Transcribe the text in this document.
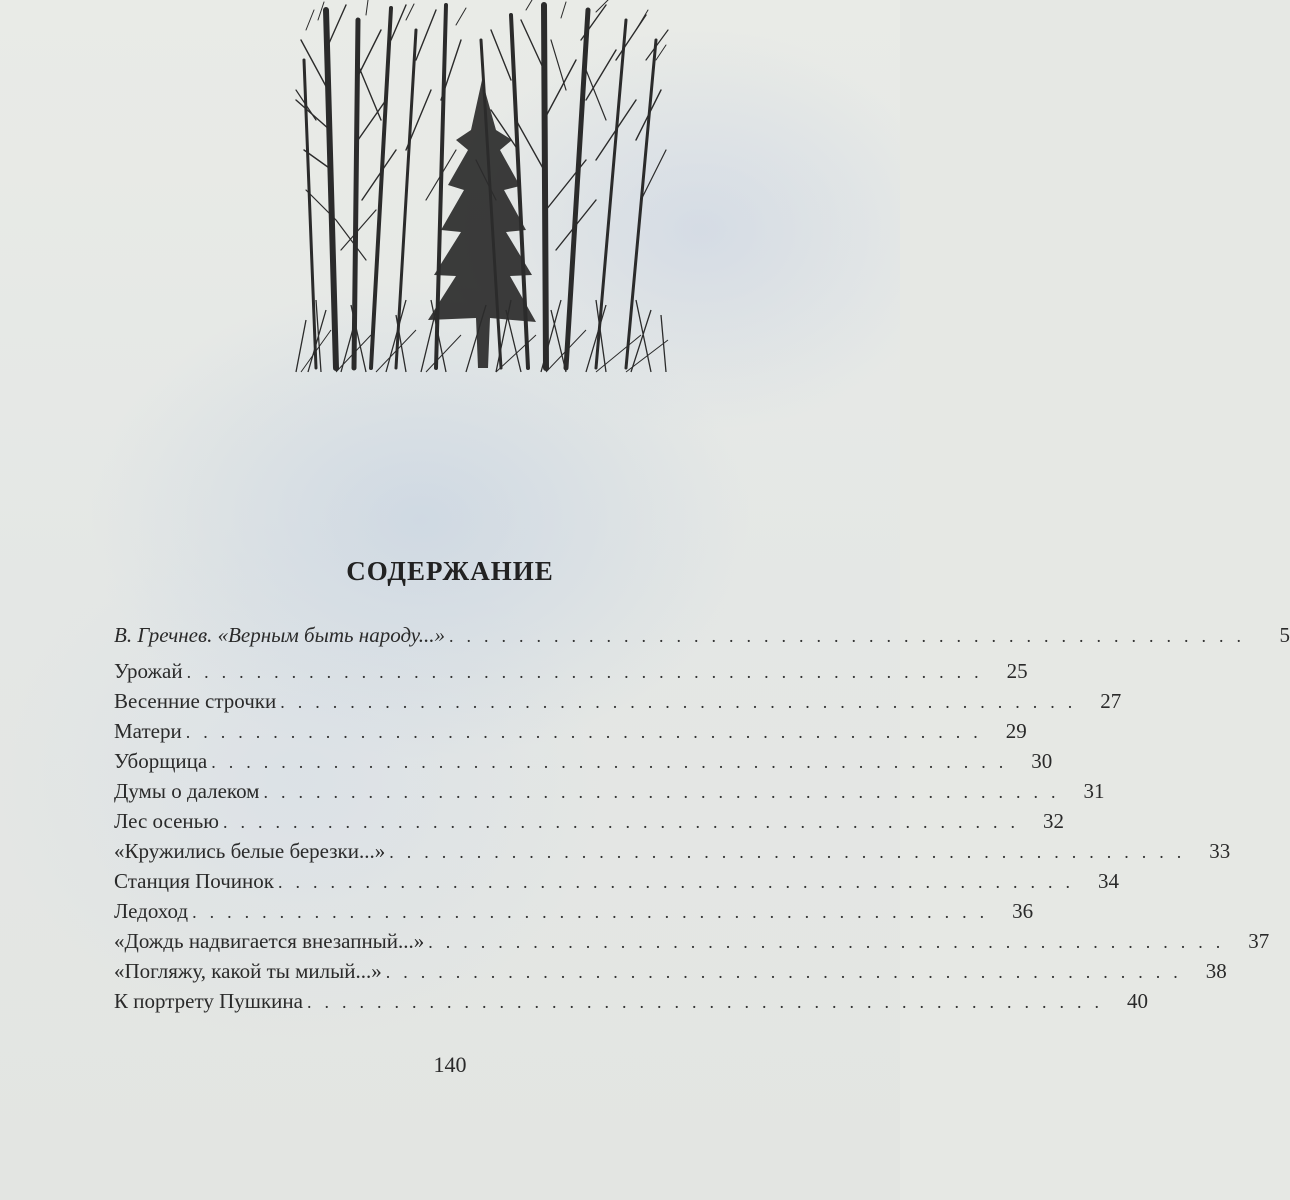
СОДЕРЖАНИЕ
В. Гречнев. «Верным быть народу...» ..............................................	5
Урожай .............................................. 25
Весенние строчки .............................................. 27
Матери .............................................. 29
Уборщица .............................................. 30
Думы о далеком .............................................. 31
Лес осенью .............................................. 32
«Кружились белые березки...» .............................................. 33
Станция Починок .............................................. 34
Ледоход .............................................. 36
«Дождь надвигается внезапный...» .............................................. 37
«Погляжу, какой ты милый...» .............................................. 38
К портрету Пушкина .............................................. 40
140
